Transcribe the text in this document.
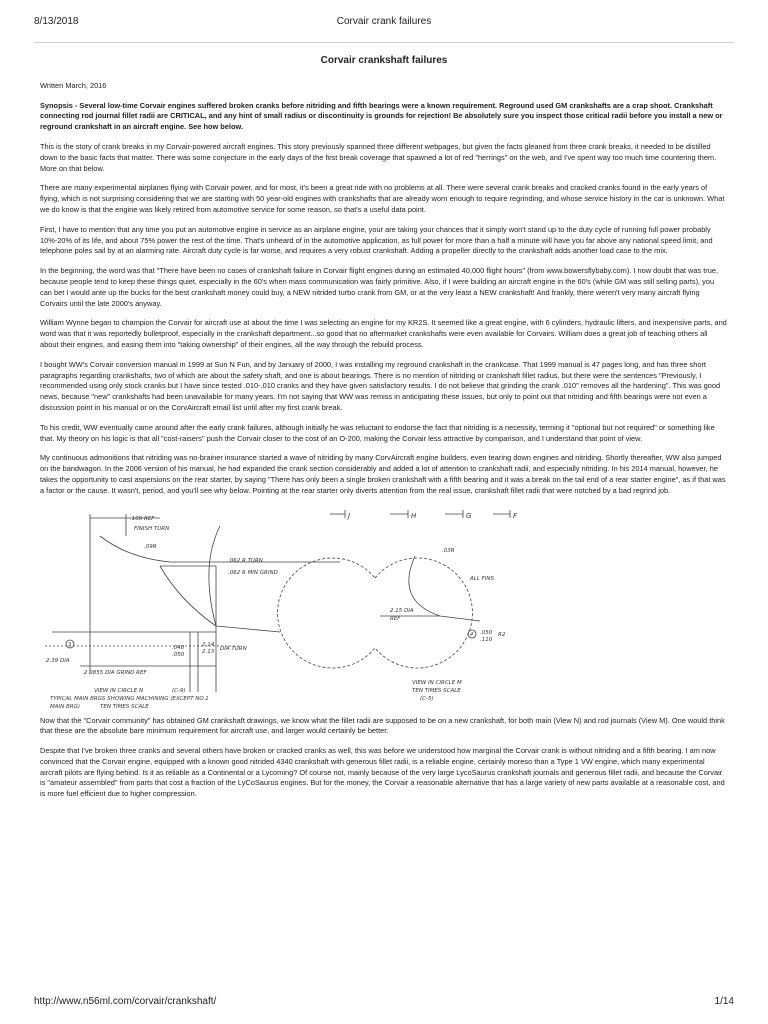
8/13/2018	Corvair crank failures
Corvair crankshaft failures

Written March, 2016

Synopsis - Several low-time Corvair engines suffered broken cranks before nitriding and fifth bearings were a known requirement. Reground used GM crankshafts are a crap shoot. Crankshaft connecting rod journal fillet radii are CRITICAL, and any hint of small radius or discontinuity is grounds for rejection! Be absolutely sure you inspect those critical radii before you install a new or reground crankshaft in an aircraft engine. See how below.

This is the story of crank breaks in my Corvair-powered aircraft engines. This story previously spanned three different webpages, but given the facts gleaned from three crank breaks, it needed to be distilled down to the basic facts that matter. There was some conjecture in the early days of the first break coverage that spawned a lot of red "herrings" on the web, and I've spent way too much time countering them. More on that below.

There are many experimental airplanes flying with Corvair power, and for most, it's been a great ride with no problems at all. There were several crank breaks and cracked cranks found in the early years of flying, which is not surprising considering that we are starting with 50 year-old engines with crankshafts that are already worn enough to require regrinding, and whose service history in the car is unknown. What we do know is that the engine was likely retired from automotive service for some reason, so that's a useful data point.

First, I have to mention that any time you put an automotive engine in service as an airplane engine, your are taking your chances that it simply won't stand up to the duty cycle of running full power probably 10%-20% of its life, and about 75% power the rest of the time. That's unheard of in the automotive application, as full power for more than a half a minute will have you far above any national speed limit, and telephone poles sail by at an alarming rate. Aircraft duty cycle is far worse, and requires a very robust crankshaft. Adding a propeller directly to the crankshaft adds another load case to the mix.

In the beginning, the word was that "There have been no cases of crankshaft failure in Corvair flight engines during an estimated 40,000 flight hours" (from www.bowersflybaby.com). I now doubt that was true, because people tend to keep these things quiet, especially in the 60's when mass communication was fairly primitive. Also, if I were building an aircraft engine in the 60's (while GM was still selling parts), you can bet I would ante up the bucks for the best crankshaft money could buy, a NEW nitrided turbo crank from GM, or at the very least a NEW crankshaft! And frankly, there weren't very many aircraft flying Corvairs until the late 2000's anyway.

William Wynne began to champion the Corvair for aircraft use at about the time I was selecting an engine for my KR2S. It seemed like a great engine, with 6 cylinders, hydraulic lifters, and inexpensive parts, and word was that it was reportedly bulletproof, especially in the crankshaft department...so good that no aftermarket crankshafts were even available for Corvairs. William does a great job of teaching others all about their engines, and easing them into "taking ownership" of their engines, all the way through the rebuild process.

I bought WW's Corvair conversion manual in 1999 at Sun N Fun, and by January of 2000, I was installing my reground crankshaft in the crankcase. That 1999 manual is 47 pages long, and has three short paragraphs regarding crankshafts, two of which are about the safety shaft, and one is about bearings. There is no mention of nitriding or crankshaft fillet radius, but there were the sentences "Previously, I recommended using only stock cranks but I have since tested .010-.010 cranks and they have given satisfactory results. I do not believe that grinding the crank .010" removes all the hardening". This was good news, because "new" crankshafts had been unavailable for many years. I'm not saying that WW was remiss in anticipating these issues, but only to point out that nitriding and fifth bearings were not even a discussion point in his manual or on the CorvAircraft email list until after my first crank break.

To his credit, WW eventually came around after the early crank failures, although initially he was reluctant to endorse the fact that nitriding is a necessity, terming it "optional but not required" or something like that. My theory on his logic is that all "cost-raisers" push the Corvair closer to the cost of an O-200, making the Corvair less attractive by comparison, and I understand that point of view.

My continuous admonitions that nitriding was no-brainer insurance started a wave of nitriding by many CorvAircraft engine builders, even tearing down engines and nitriding. Shortly thereafter, WW also jumped on the bandwagon. In the 2006 version of his manual, he had expanded the crank section considerably and added a lot of attention to crankshaft radii, and especially nitriding. In his 2014 manual, however, he takes the opportunity to cast aspersions on the rear starter, by saying "There has only been a single broken crankshaft with a fifth bearing and it was a break on the tail end of a rear starter engine", as if that was a factor or the cause. It wasn't, period, and you'll see why below. Pointing at the rear starter only diverts attention from the real issue, crankshaft fillet radii that were notched by a bad regrind job.

.100 REF
FINISH TURN
.09R
.062 R TURN
.062 R MIN GRIND
2.39 DIA
.040
.050
2.14
2.13 DIA TURN
2.0855 DIA GRIND REF
3
VIEW IN CIRCLE N	(C-9)
TYPICAL MAIN BRGS SHOWING MACHINING (EXCEPT NO.1
MAIN BRG)	TEN TIMES SCALE
J	H	G	F
.03R
ALL FINS
4 .050
.110
R2
2.15 DIA
REF
VIEW IN CIRCLE M
TEN TIMES SCALE
(C-5)

Now that the "Corvair community" has obtained GM crankshaft drawings, we know what the fillet radii are supposed to be on a new crankshaft, for both main (View N) and rod journals (View M). One would think that these are the absolute bare minimum requirement for aircraft use, and larger would certainly be better.

Despite that I've broken three cranks and several others have broken or cracked cranks as well, this was before we understood how marginal the Corvair crank is without nitriding and a fifth bearing. I am now convinced that the Corvair engine, equipped with a known good nitrided 4340 crankshaft with generous fillet radii, is a reliable engine, certainly moreso than a Type 1 VW engine, which many experimental aircraft pilots are flying behind. Is it as reliable as a Continental or a Lycoming? Of course not, mainly because of the very large LycoSaurus crankshaft journals and generous fillet radii, and because the Corvair is "amateur assembled" from parts that cost a fraction of the LyCoSaurus engines. But for the money, the Corvair a reasonable alternative that has a large variety of new parts available at a reasonable cost, and is more fuel efficient due to higher compression.

http://www.n56ml.com/corvair/crankshaft/	1/14
